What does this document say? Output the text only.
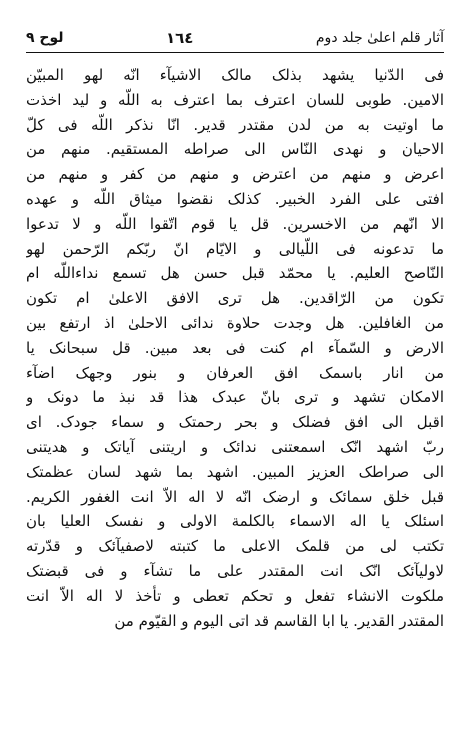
آثار قلم اعلیٰ جلد دوم
١٦٤
لوح ٩
فی الدّنیا یشهد بذلک مالک الاشیآء انّه لهو المبیّن
الامین. طوبی للسان اعترف بما اعترف به اللّه و لید اخذت
ما اوتیت به من لدن مقتدر قدیر. انّا نذکر اللّه فی کلّ
الاحیان و نهدی النّاس الی صراطه المستقیم. منهم من
اعرض و منهم من اعترض و منهم من کفر و منهم من
افتی علی الفرد الخبیر. کذلک نقضوا میثاق اللّه و عهده
الا انّهم من الاخسرین. قل یا قوم اتّقوا اللّه و لا تدعوا
ما تدعونه فی اللّیالی و الایّام انّ ربّکم الرّحمن لهو
النّاصح العلیم. یا محمّد قبل حسن هل تسمع نداءاللّه ام
تکون من الرّاقدین. هل تری الافق الاعلیٰ ام تکون
من الغافلین. هل وجدت حلاوة ندائی الاحلیٰ اذ ارتفع بین
الارض و السّمآء ام کنت فی بعد مبین. قل سبحانک یا
من انار باسمک افق العرفان و بنور وجهک اضآء
الامکان تشهد و تری بانّ عبدک هذا قد نبذ ما دونک و
اقبل الی افق فضلک و بحر رحمتک و سماء جودک. ای
ربّ اشهد انّک اسمعتنی ندائک و اریتنی آیاتک و هدیتنی
الی صراطک العزیز المبین. اشهد بما شهد لسان عظمتک
قبل خلق سمائک و ارضک انّه لا اله الاّ انت الغفور الکریم.
اسئلک یا اله الاسماء بالکلمة الاولی و نفسک العلیا بان
تکتب لی من قلمک الاعلی ما کتبته لاصفیآئک و قدّرته
لاولیآئک انّک انت المقتدر علی ما تشآء و فی قبضتک
ملکوت الانشاء تفعل و تحکم تعطی و تأخذ لا اله الاّ انت
المقتدر القدیر. یا ابا القاسم قد اتی الیوم و القیّوم من
